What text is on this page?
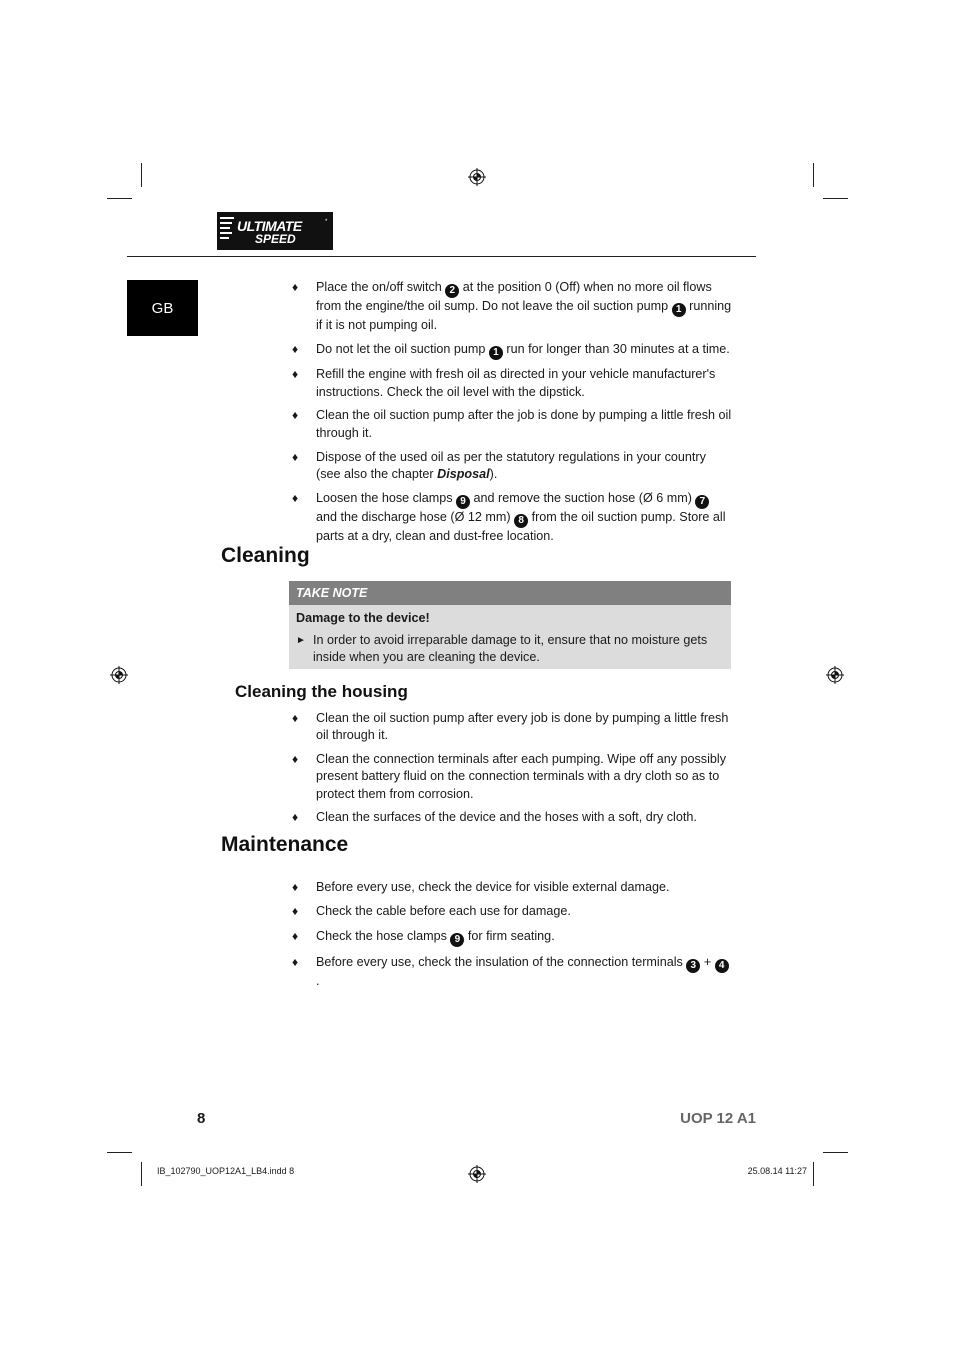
ULTIMATE
SPEED
*
GB
♦ Place the on/off switch 2 at the position 0 (Off) when no more oil flows from the engine/the oil sump. Do not leave the oil suction pump 1 running if it is not pumping oil.
♦ Do not let the oil suction pump 1 run for longer than 30 minutes at a time.
♦ Refill the engine with fresh oil as directed in your vehicle manufacturer's instructions. Check the oil level with the dipstick.
♦ Clean the oil suction pump after the job is done by pumping a little fresh oil through it.
♦ Dispose of the used oil as per the statutory regulations in your country (see also the chapter Disposal).
♦ Loosen the hose clamps 9 and remove the suction hose (Ø 6 mm) 7 and the discharge hose (Ø 12 mm) 8 from the oil suction pump. Store all parts at a dry, clean and dust-free location.
Cleaning
TAKE NOTE
Damage to the device!
► In order to avoid irreparable damage to it, ensure that no moisture gets inside when you are cleaning the device.
Cleaning the housing
♦ Clean the oil suction pump after every job is done by pumping a little fresh oil through it.
♦ Clean the connection terminals after each pumping. Wipe off any possibly present battery fluid on the connection terminals with a dry cloth so as to protect them from corrosion.
♦ Clean the surfaces of the device and the hoses with a soft, dry cloth.
Maintenance
♦ Before every use, check the device for visible external damage.
♦ Check the cable before each use for damage.
♦ Check the hose clamps 9 for firm seating.
♦ Before every use, check the insulation of the connection terminals 3 + 4.
8	UOP 12 A1
IB_102790_UOP12A1_LB4.indd 8	25.08.14 11:27
